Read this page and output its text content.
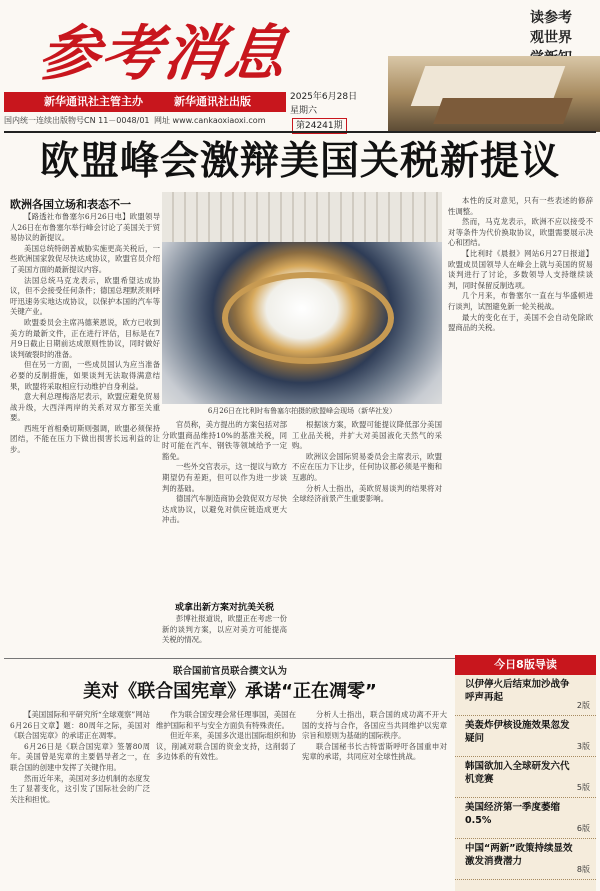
参考消息
读参考
观世界
新华通讯社主管主办	新华通讯社出版	2025年6月28日
星期六
第24241期
国内统一连续出版物号CN 11－0048/01 网址 www.cankaoxiaoxi.com
欧盟峰会激辩美国关税新提议
欧洲各国立场和表态不一

【路透社布鲁塞尔6月26日电】欧盟领导人26日在布鲁塞尔举行峰会讨论了美国关于贸易协议的新提议。

美国总统特朗普威胁实施更高关税后，一些欧洲国家敦促尽快达成协议，欧盟官员介绍了美国方面的最新提议内容。

法国总统马克龙表示，欧盟希望达成协议，但不会接受任何条件；德国总理默茨则呼吁迅速务实地达成协议，以保护本国的汽车等关键产业。

欧盟委员会主席冯德莱恩说，欧方已收到美方的最新文件，正在进行评估，目标是在7月9日截止日期前达成原则性协议，同时做好谈判破裂时的准备。

但在另一方面，一些成员国认为应当准备必要的反制措施，如果谈判无法取得满意结果，欧盟将采取相应行动维护自身利益。

意大利总理梅洛尼表示，欧盟应避免贸易战升级，大西洋两岸的关系对双方都至关重要。

西班牙首相桑切斯则强调，欧盟必须保持团结，不能在压力下做出损害长远利益的让步。

6月26日在比利时布鲁塞尔拍摄的欧盟峰会现场（新华社发）

官员称，美方提出的方案包括对部分欧盟商品维持10%的基准关税，同时可能在汽车、钢铁等领域给予一定豁免。

一些外交官表示，这一提议与欧方期望仍有差距，但可以作为进一步谈判的基础。

德国汽车制造商协会敦促双方尽快达成协议，以避免对供应链造成更大冲击。

或拿出新方案对抗美关税

彭博社报道说，欧盟正在考虑一份新的谈判方案，以应对美方可能提高关税的情况。

根据该方案，欧盟可能提议降低部分美国工业品关税，并扩大对美国液化天然气的采购。

欧洲议会国际贸易委员会主席表示，欧盟不应在压力下让步，任何协议都必须是平衡和互惠的。

分析人士指出，美欧贸易谈判的结果将对全球经济前景产生重要影响。

本性的反对意见，只有一些表述的修辞性调整。

然而，马克龙表示，欧洲不应以接受不对等条件为代价换取协议，欧盟需要展示决心和团结。

【比利时《晨报》网站6月27日报道】欧盟成员国领导人在峰会上就与美国的贸易谈判进行了讨论，多数领导人支持继续谈判，同时保留反制选项。

几个月来，布鲁塞尔一直在与华盛顿进行谈判，试图避免新一轮关税战。

最大的变化在于，美国不会自动免除欧盟商品的关税。

联合国前官员联合撰文认为
美对《联合国宪章》承诺“正在凋零”

【美国国际和平研究所“全球观察”网站6月26日文章】题：80周年之际，美国对《联合国宪章》的承诺正在凋零。

6月26日是《联合国宪章》签署80周年。美国曾是宪章的主要倡导者之一，在联合国的创建中发挥了关键作用。

然而近年来，美国对多边机制的态度发生了显著变化，这引发了国际社会的广泛关注和担忧。

作为联合国安理会常任理事国，美国在维护国际和平与安全方面负有特殊责任。

但近年来，美国多次退出国际组织和协议，削减对联合国的资金支持，这削弱了多边体系的有效性。

分析人士指出，联合国的成功离不开大国的支持与合作，各国应当共同维护以宪章宗旨和原则为基础的国际秩序。

联合国秘书长古特雷斯呼吁各国重申对宪章的承诺，共同应对全球性挑战。

今日8版导读
以伊停火后结束加沙战争呼声再起
2版
美轰炸伊核设施效果忽发疑问
3版
韩国欲加入全球研发六代机竞赛
5版
美国经济第一季度萎缩0.5%
6版
中国“两新”政策持续显效激发消费潜力
8版
